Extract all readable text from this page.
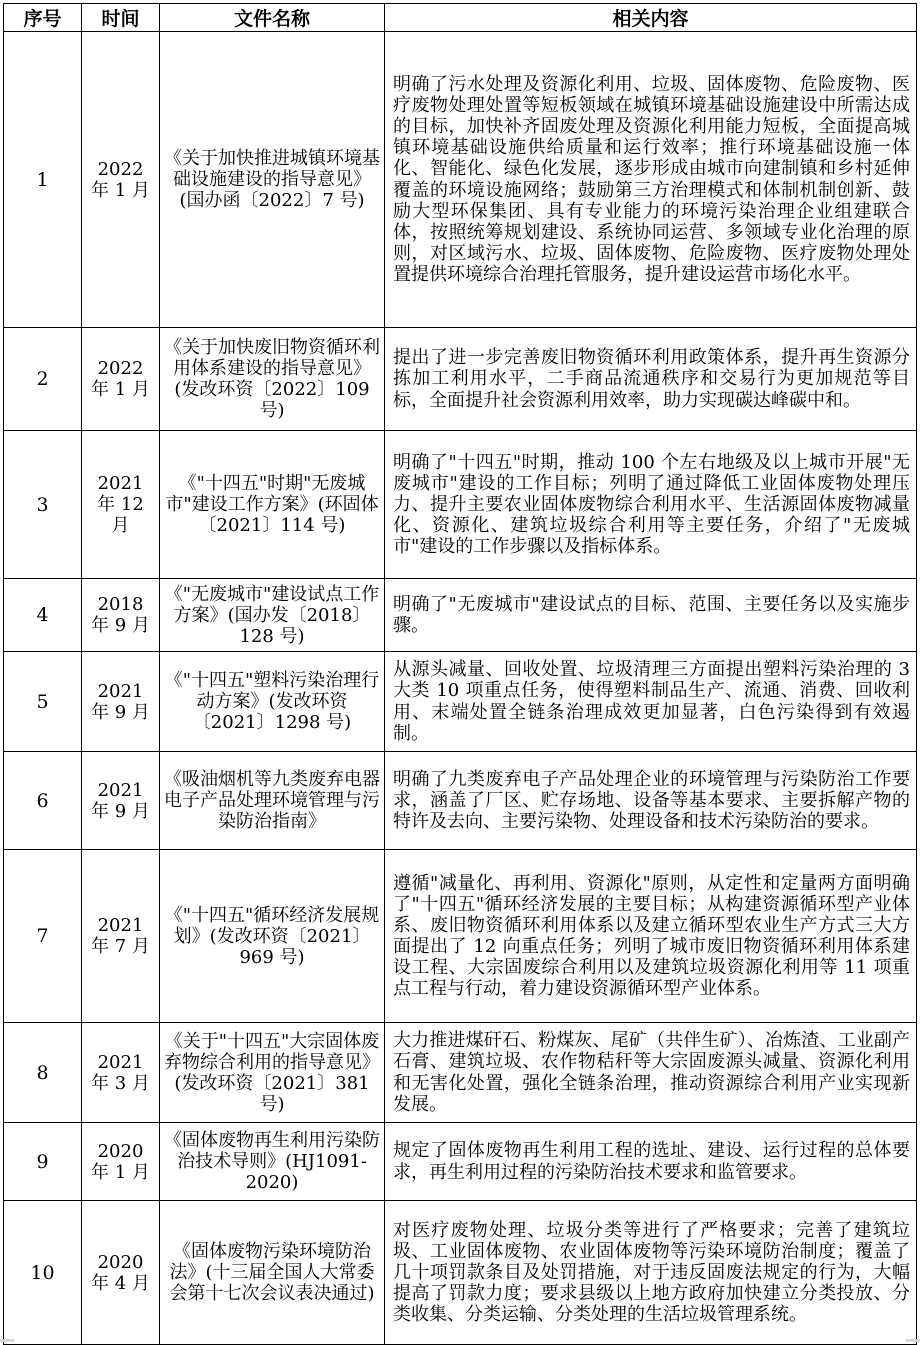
序号	时间	文件名称	相关内容
1	2022 年 1 月	《关于加快推进城镇环境基础设施建设的指导意见》(国办函〔2022〕7 号)	明确了污水处理及资源化利用、垃圾、固体废物、危险废物、医疗废物处理处置等短板领域在城镇环境基础设施建设中所需达成的目标，加快补齐固废处理及资源化利用能力短板，全面提高城镇环境基础设施供给质量和运行效率；推行环境基础设施一体化、智能化、绿色化发展，逐步形成由城市向建制镇和乡村延伸覆盖的环境设施网络；鼓励第三方治理模式和体制机制创新、鼓励大型环保集团、具有专业能力的环境污染治理企业组建联合体，按照统筹规划建设、系统协同运营、多领域专业化治理的原则，对区域污水、垃圾、固体废物、危险废物、医疗废物处理处置提供环境综合治理托管服务，提升建设运营市场化水平。
2	2022 年 1 月	《关于加快废旧物资循环利用体系建设的指导意见》(发改环资〔2022〕109 号)	提出了进一步完善废旧物资循环利用政策体系，提升再生资源分拣加工利用水平，二手商品流通秩序和交易行为更加规范等目标，全面提升社会资源利用效率，助力实现碳达峰碳中和。
3	2021 年 12 月	《"十四五"时期"无废城市"建设工作方案》(环固体〔2021〕114 号)	明确了"十四五"时期，推动 100 个左右地级及以上城市开展"无废城市"建设的工作目标；列明了通过降低工业固体废物处理压力、提升主要农业固体废物综合利用水平、生活源固体废物减量化、资源化、建筑垃圾综合利用等主要任务，介绍了"无废城市"建设的工作步骤以及指标体系。
4	2018 年 9 月	《"无废城市"建设试点工作方案》(国办发〔2018〕128 号)	明确了"无废城市"建设试点的目标、范围、主要任务以及实施步骤。
5	2021 年 9 月	《"十四五"塑料污染治理行动方案》(发改环资〔2021〕1298 号)	从源头减量、回收处置、垃圾清理三方面提出塑料污染治理的 3 大类 10 项重点任务，使得塑料制品生产、流通、消费、回收利用、末端处置全链条治理成效更加显著，白色污染得到有效遏制。
6	2021 年 9 月	《吸油烟机等九类废弃电器电子产品处理环境管理与污染防治指南》	明确了九类废弃电子产品处理企业的环境管理与污染防治工作要求，涵盖了厂区、贮存场地、设备等基本要求、主要拆解产物的特许及去向、主要污染物、处理设备和技术污染防治的要求。
7	2021 年 7 月	《"十四五"循环经济发展规划》(发改环资〔2021〕969 号)	遵循"减量化、再利用、资源化"原则，从定性和定量两方面明确了"十四五"循环经济发展的主要目标；从构建资源循环型产业体系、废旧物资循环利用体系以及建立循环型农业生产方式三大方面提出了 12 向重点任务；列明了城市废旧物资循环利用体系建设工程、大宗固废综合利用以及建筑垃圾资源化利用等 11 项重点工程与行动，着力建设资源循环型产业体系。
8	2021 年 3 月	《关于"十四五"大宗固体废弃物综合利用的指导意见》(发改环资〔2021〕381 号)	大力推进煤矸石、粉煤灰、尾矿（共伴生矿）、冶炼渣、工业副产石膏、建筑垃圾、农作物秸秆等大宗固废源头减量、资源化利用和无害化处置，强化全链条治理，推动资源综合利用产业实现新发展。
9	2020 年 1 月	《固体废物再生利用污染防治技术导则》(HJ1091-2020)	规定了固体废物再生利用工程的选址、建设、运行过程的总体要求，再生利用过程的污染防治技术要求和监管要求。
10	2020 年 4 月	《固体废物污染环境防治法》(十三届全国人大常委会第十七次会议表决通过)	对医疗废物处理、垃圾分类等进行了严格要求；完善了建筑垃圾、工业固体废物、农业固体废物等污染环境防治制度；覆盖了几十项罚款条目及处罚措施，对于违反固废法规定的行为，大幅提高了罚款力度；要求县级以上地方政府加快建立分类投放、分类收集、分类运输、分类处理的生活垃圾管理系统。
